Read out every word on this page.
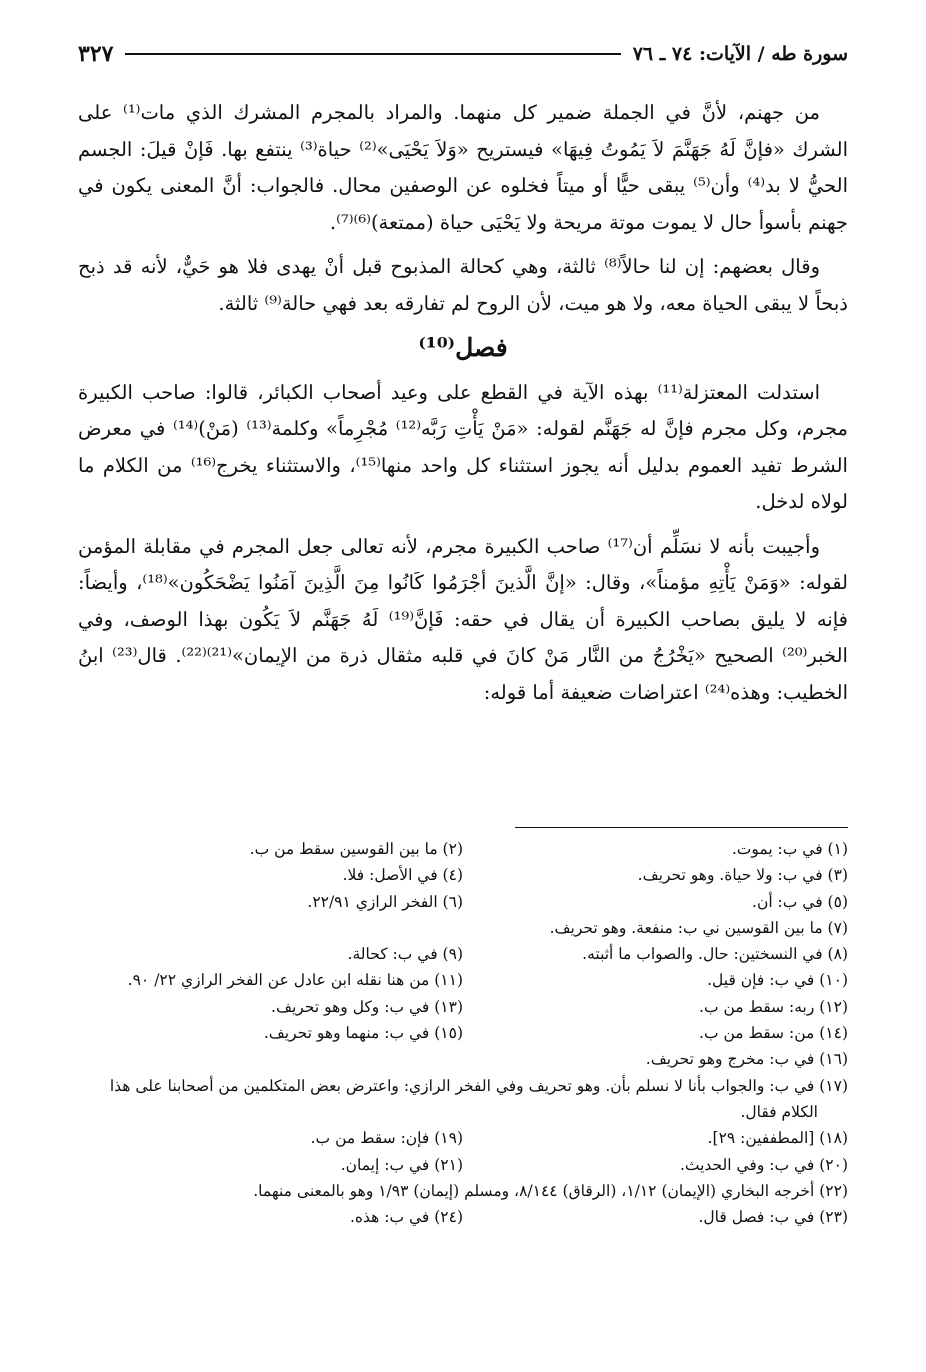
سورة طه / الآيات: ٧٤ ـ ٧٦
٣٢٧

من جهنم، لأنَّ في الجملة ضمير كل منهما. والمراد بالمجرم المشرك الذي مات⁽¹⁾ على الشرك «فإنَّ لَهُ جَهَنَّمَ لاَ يَمُوتُ فِيهَا» فيستريح «وَلاَ يَحْيَى»⁽²⁾ حياة⁽³⁾ ينتفع بها. فَإنْ قيلَ: الجسم الحيُّ لا بد⁽⁴⁾ وأن⁽⁵⁾ يبقى حيًّا أو ميتاً فخلوه عن الوصفين محال. فالجواب: أنَّ المعنى يكون في جهنم بأسوأ حال لا يموت موتة مريحة ولا يَحْيَى حياة (ممتعة)⁽⁶⁾⁽⁷⁾.

وقال بعضهم: إن لنا حالاً⁽⁸⁾ ثالثة، وهي كحالة المذبوح قبل أنْ يهدى فلا هو حَيٌّ، لأنه قد ذبح ذبحاً لا يبقى الحياة معه، ولا هو ميت، لأن الروح لم تفارقه بعد فهي حالة⁽⁹⁾ ثالثة.

فصل⁽¹⁰⁾

استدلت المعتزلة⁽¹¹⁾ بهذه الآية في القطع على وعيد أصحاب الكبائر، قالوا: صاحب الكبيرة مجرم، وكل مجرم فإنَّ له جَهَنَّم لقوله: «مَنْ يَأْتِ رَبَّه⁽¹²⁾ مُجْرِماً» وكلمة⁽¹³⁾ (مَنْ)⁽¹⁴⁾ في معرض الشرط تفيد العموم بدليل أنه يجوز استثناء كل واحد منها⁽¹⁵⁾، والاستثناء يخرج⁽¹⁶⁾ من الكلام ما لولاه لدخل.

وأجيبت بأنه لا نسَلِّم أن⁽¹⁷⁾ صاحب الكبيرة مجرم، لأنه تعالى جعل المجرم في مقابلة المؤمن لقوله: «وَمَنْ يَأْتِهِ مؤمناً»، وقال: «إنَّ الَّذينَ أجْرَمُوا كَانُوا مِنَ الَّذِينَ آمَنُوا يَضْحَكُون»⁽¹⁸⁾، وأيضاً: فإنه لا يليق بصاحب الكبيرة أن يقال في حقه: فَإنَّ⁽¹⁹⁾ لَهُ جَهَنَّم لاَ يَكُون بهذا الوصف، وفي الخبر⁽²⁰⁾ الصحيح «يَخْرُجُ من النَّار مَنْ كانَ في قلبه مثقال ذرة من الإيمان»⁽²¹⁾⁽²²⁾. قال⁽²³⁾ ابنُ الخطيب: وهذه⁽²⁴⁾ اعتراضات ضعيفة أما قوله:

(١) في ب: يموت.
(٢) ما بين القوسين سقط من ب.
(٣) في ب: ولا حياة. وهو تحريف.
(٤) في الأصل: فلا.
(٥) في ب: أن.
(٦) الفخر الرازي ٢٢/٩١.
(٧) ما بين القوسين ني ب: منفعة. وهو تحريف.
(٨) في النسختين: حال. والصواب ما أثبته.
(٩) في ب: كحالة.
(١٠) في ب: فإن قيل.
(١١) من هنا نقله ابن عادل عن الفخر الرازي ٢٢/ ٩٠.
(١٢) ربه: سقط من ب.
(١٣) في ب: وكل وهو تحريف.
(١٤) من: سقط من ب.
(١٥) في ب: منهما وهو تحريف.
(١٦) في ب: مخرج وهو تحريف.
(١٧) في ب: والجواب بأنا لا نسلم بأن. وهو تحريف وفي الفخر الرازي: واعترض بعض المتكلمين من أصحابنا على هذا الكلام فقال.
(١٨) [المطففين: ٢٩].
(١٩) فإن: سقط من ب.
(٢٠) في ب: وفي الحديث.
(٢١) في ب: إيمان.
(٢٢) أخرجه البخاري (الإيمان) ١/١٢، (الرقاق) ٨/١٤٤، ومسلم (إيمان) ١/٩٣ وهو بالمعنى منهما.
(٢٣) في ب: فصل قال.
(٢٤) في ب: هذه.
